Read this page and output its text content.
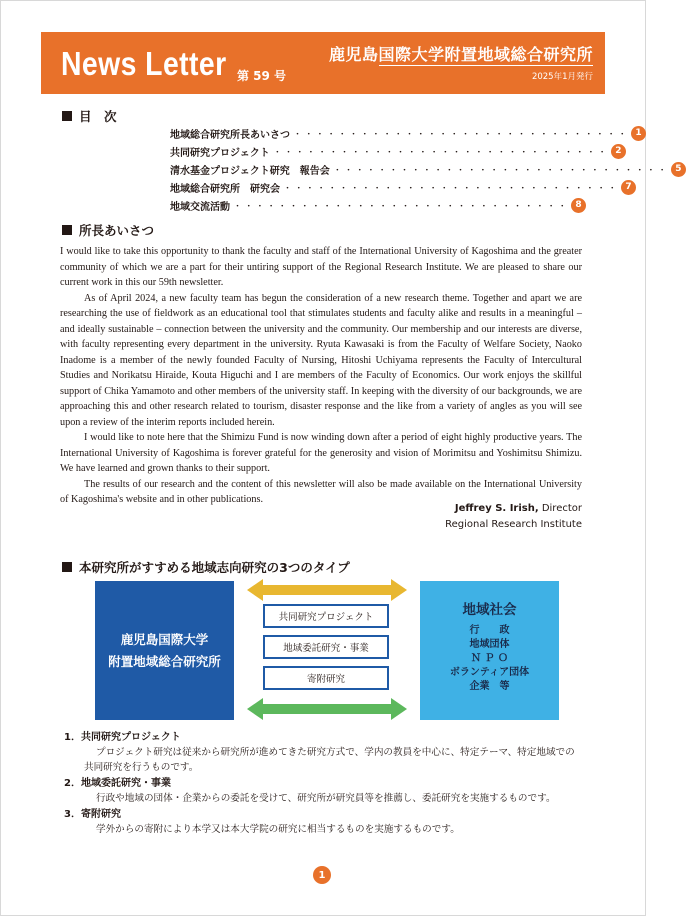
News Letter 第 59 号
鹿児島国際大学附置地域総合研究所
2025年1月発行
目　次
地域総合研究所長あいさつ ・・・・・・・・・・・・・・・・・・・・・・・・・・・・・・ 1
共同研究プロジェクト ・・・・・・・・・・・・・・・・・・・・・・・・・・・・・・ 2
清水基金プロジェクト研究　報告会 ・・・・・・・・・・・・・・・・・・・・・・・・・・・・・・ 5
地域総合研究所　研究会 ・・・・・・・・・・・・・・・・・・・・・・・・・・・・・・ 7
地域交流活動 ・・・・・・・・・・・・・・・・・・・・・・・・・・・・・・ 8
所長あいさつ

I would like to take this opportunity to thank the faculty and staff of the International University of Kagoshima and the greater community of which we are a part for their untiring support of the Regional Research Institute. We are pleased to share our current work in this our 59th newsletter.

As of April 2024, a new faculty team has begun the consideration of a new research theme. Together and apart we are researching the use of fieldwork as an educational tool that stimulates students and faculty alike and results in a meaningful – and ideally sustainable – connection between the university and the community. Our membership and our interests are diverse, with faculty representing every department in the university. Ryuta Kawasaki is from the Faculty of Welfare Society, Naoko Inadome is a member of the newly founded Faculty of Nursing, Hitoshi Uchiyama represents the Faculty of Intercultural Studies and Norikatsu Hiraide, Kouta Higuchi and I are members of the Faculty of Economics. Our work enjoys the skillful support of Chika Yamamoto and other members of the university staff. In keeping with the diversity of our backgrounds, we are approaching this and other research related to tourism, disaster response and the like from a variety of angles as you will see upon a review of the interim reports included herein.

I would like to note here that the Shimizu Fund is now winding down after a period of eight highly productive years. The International University of Kagoshima is forever grateful for the generosity and vision of Morimitsu and Yoshimitsu Shimizu. We have learned and grown thanks to their support.

The results of our research and the content of this newsletter will also be made available on the International University of Kagoshima's website and in other publications.

Jeffrey S. Irish, Director
Regional Research Institute
本研究所がすすめる地域志向研究の3つのタイプ
鹿児島国際大学
附置地域総合研究所
共同研究プロジェクト
地域委託研究・事業
寄附研究
地域社会
行　　政
地域団体
Ｎ Ｐ Ｏ
ボランティア団体
企業　等
1．共同研究プロジェクト
プロジェクト研究は従来から研究所が進めてきた研究方式で、学内の教員を中心に、特定テーマ、特定地域での共同研究を行うものです。
2．地域委託研究・事業
行政や地域の団体・企業からの委託を受けて、研究所が研究員等を推薦し、委託研究を実施するものです。
3．寄附研究
学外からの寄附により本学又は本大学院の研究に相当するものを実施するものです。
1
